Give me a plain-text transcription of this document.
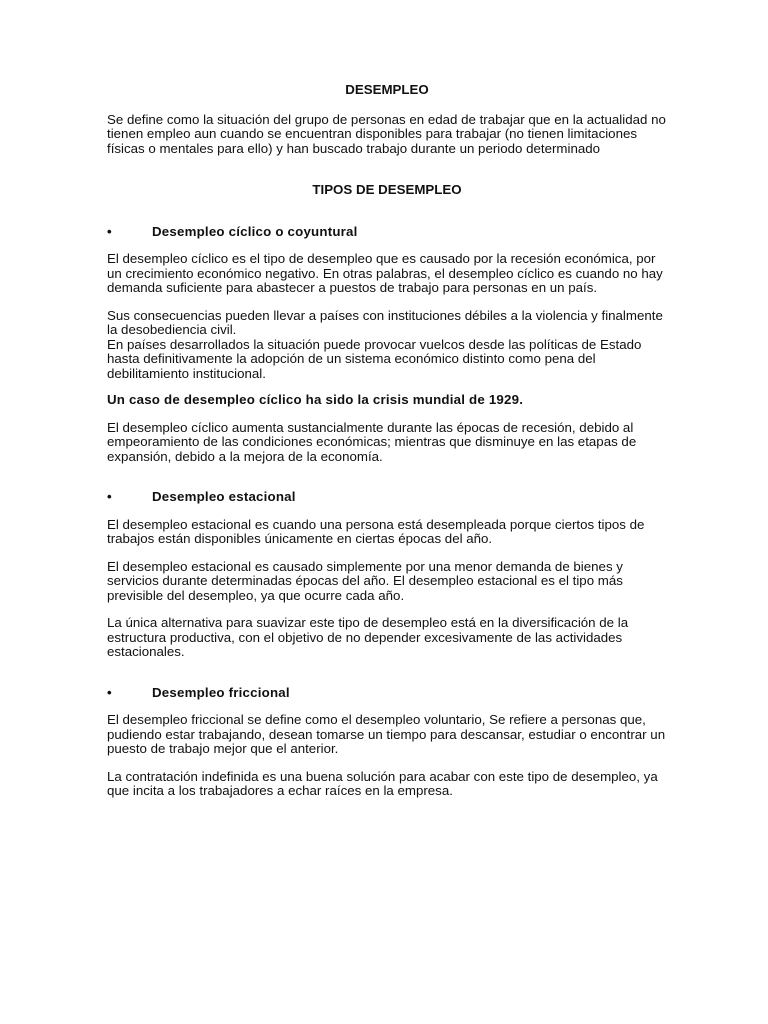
DESEMPLEO

Se define como la situación del grupo de personas en edad de trabajar que en la actualidad no tienen empleo aun cuando se encuentran disponibles para trabajar (no tienen limitaciones físicas o mentales para ello) y han buscado trabajo durante un periodo determinado

TIPOS DE DESEMPLEO

•	Desempleo cíclico o coyuntural

El desempleo cíclico es el tipo de desempleo que es causado por la recesión económica, por un crecimiento económico negativo. En otras palabras, el desempleo cíclico es cuando no hay demanda suficiente para abastecer a puestos de trabajo para personas en un país.

Sus consecuencias pueden llevar a países con instituciones débiles a la violencia y finalmente la desobediencia civil.

En países desarrollados la situación puede provocar vuelcos desde las políticas de Estado hasta definitivamente la adopción de un sistema económico distinto como pena del debilitamiento institucional.

Un caso de desempleo cíclico ha sido la crisis mundial de 1929.

El desempleo cíclico aumenta sustancialmente durante las épocas de recesión, debido al empeoramiento de las condiciones económicas; mientras que disminuye en las etapas de expansión, debido a la mejora de la economía.

•	Desempleo estacional

El desempleo estacional es cuando una persona está desempleada porque ciertos tipos de trabajos están disponibles únicamente en ciertas épocas del año.

El desempleo estacional es causado simplemente por una menor demanda de bienes y servicios durante determinadas épocas del año. El desempleo estacional es el tipo más previsible del desempleo, ya que ocurre cada año.

La única alternativa para suavizar este tipo de desempleo está en la diversificación de la estructura productiva, con el objetivo de no depender excesivamente de las actividades estacionales.

•	Desempleo friccional

El desempleo friccional se define como el desempleo voluntario, Se refiere a personas que, pudiendo estar trabajando, desean tomarse un tiempo para descansar, estudiar o encontrar un puesto de trabajo mejor que el anterior.

La contratación indefinida es una buena solución para acabar con este tipo de desempleo, ya que incita a los trabajadores a echar raíces en la empresa.
